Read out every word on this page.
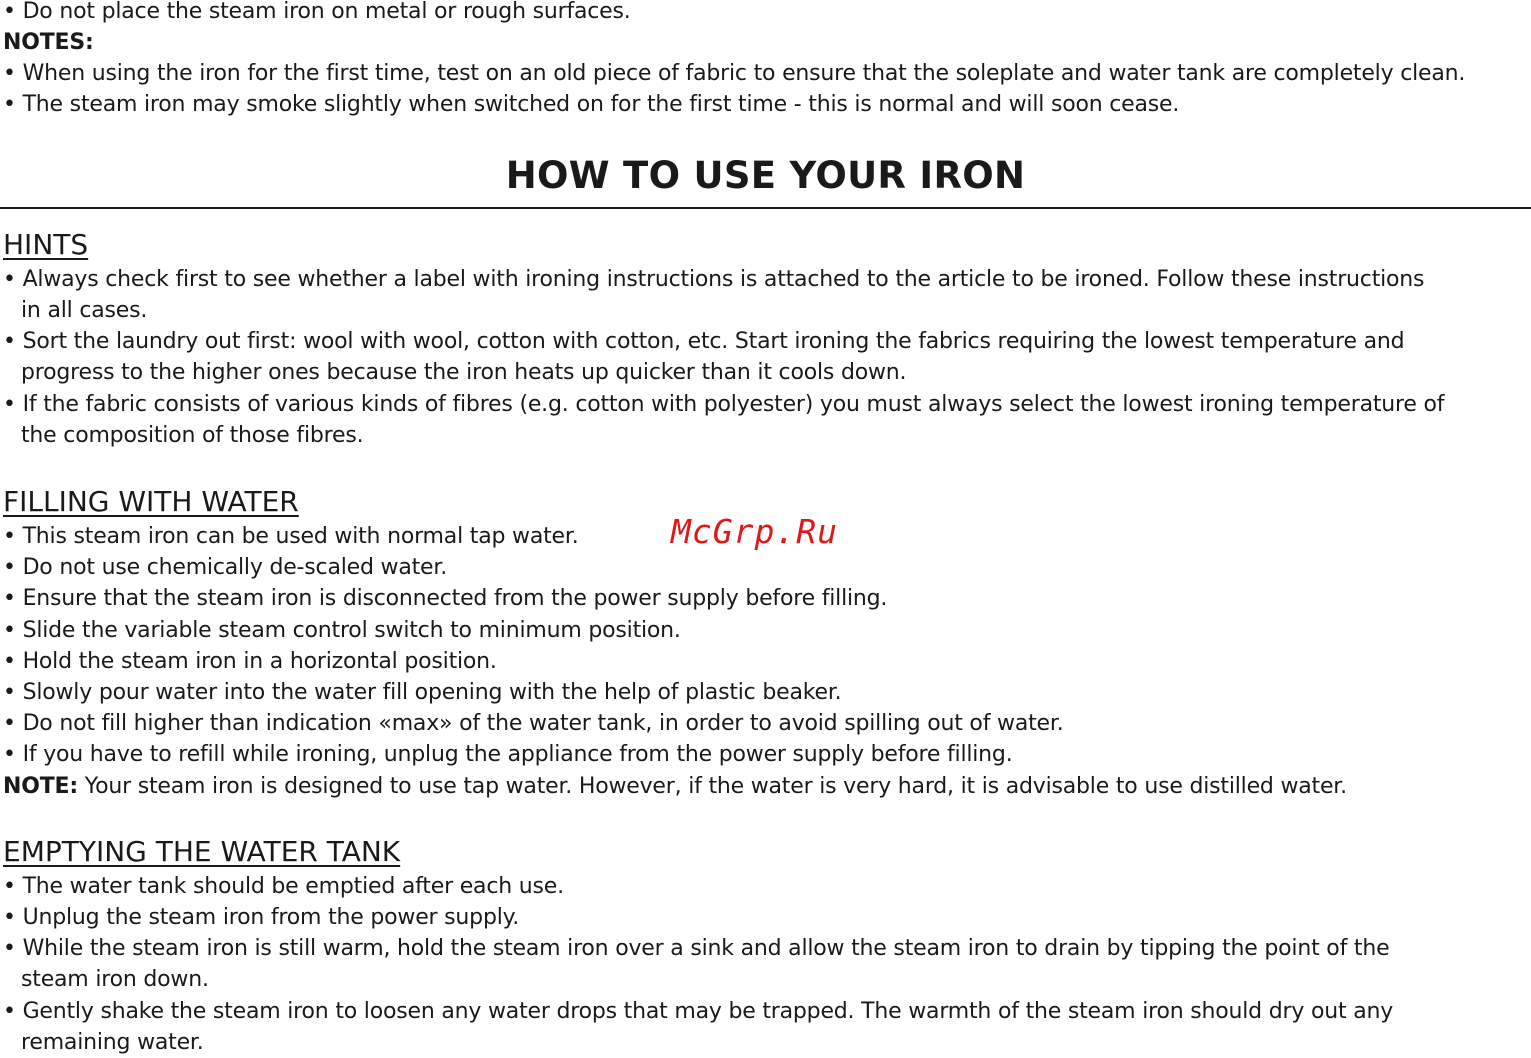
• Do not place the steam iron on metal or rough surfaces.
NOTES:
• When using the iron for the first time, test on an old piece of fabric to ensure that the soleplate and water tank are completely clean.
• The steam iron may smoke slightly when switched on for the first time - this is normal and will soon cease.
HOW TO USE YOUR IRON
HINTS
• Always check first to see whether a label with ironing instructions is attached to the article to be ironed. Follow these instructions
in all cases.
• Sort the laundry out first: wool with wool, cotton with cotton, etc. Start ironing the fabrics requiring the lowest temperature and
progress to the higher ones because the iron heats up quicker than it cools down.
• If the fabric consists of various kinds of fibres (e.g. cotton with polyester) you must always select the lowest ironing temperature of
the composition of those fibres.
FILLING WITH WATER
• This steam iron can be used with normal tap water.
• Do not use chemically de-scaled water.
• Ensure that the steam iron is disconnected from the power supply before filling.
• Slide the variable steam control switch to minimum position.
• Hold the steam iron in a horizontal position.
• Slowly pour water into the water fill opening with the help of plastic beaker.
• Do not fill higher than indication «max» of the water tank, in order to avoid spilling out of water.
• If you have to refill while ironing, unplug the appliance from the power supply before filling.
NOTE: Your steam iron is designed to use tap water. However, if the water is very hard, it is advisable to use distilled water.
McGrp.Ru
EMPTYING THE WATER TANK
• The water tank should be emptied after each use.
• Unplug the steam iron from the power supply.
• While the steam iron is still warm, hold the steam iron over a sink and allow the steam iron to drain by tipping the point of the
steam iron down.
• Gently shake the steam iron to loosen any water drops that may be trapped. The warmth of the steam iron should dry out any
remaining water.
